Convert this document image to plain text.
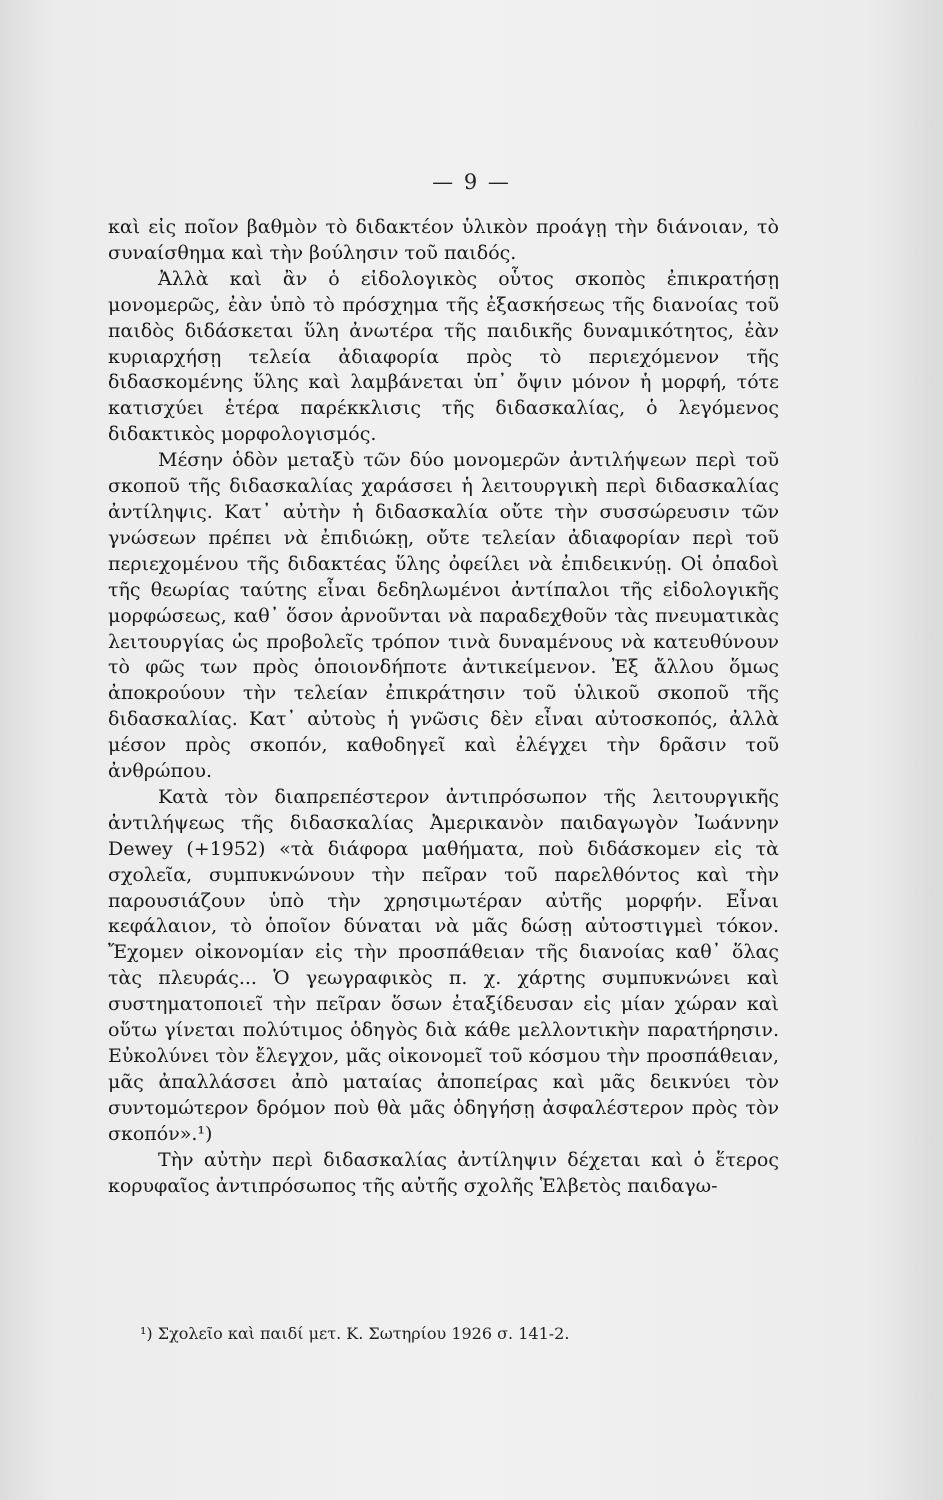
— 9 —

καὶ εἰς ποῖον βαθμὸν τὸ διδακτέον ὑλικὸν προάγῃ τὴν διάνοιαν, τὸ συναίσθημα καὶ τὴν βούλησιν τοῦ παιδός.

Ἀλλὰ καὶ ἂν ὁ εἰδολογικὸς οὗτος σκοπὸς ἐπικρατήσῃ μονομερῶς, ἐὰν ὑπὸ τὸ πρόσχημα τῆς ἐξασκήσεως τῆς διανοίας τοῦ παιδὸς διδάσκεται ὕλη ἀνωτέρα τῆς παιδικῆς δυναμικότητος, ἐὰν κυριαρχήσῃ τελεία ἀδιαφορία πρὸς τὸ περιεχόμενον τῆς διδασκομένης ὕλης καὶ λαμβάνεται ὑπ᾽ ὄψιν μόνον ἡ μορφή, τότε κατισχύει ἑτέρα παρέκκλισις τῆς διδασκαλίας, ὁ λεγόμενος διδακτικὸς μορφολογισμός.

Μέσην ὁδὸν μεταξὺ τῶν δύο μονομερῶν ἀντιλήψεων περὶ τοῦ σκοποῦ τῆς διδασκαλίας χαράσσει ἡ λειτουργικὴ περὶ διδασκαλίας ἀντίληψις. Κατ᾽ αὐτὴν ἡ διδασκαλία οὔτε τὴν συσσώρευσιν τῶν γνώσεων πρέπει νὰ ἐπιδιώκῃ, οὔτε τελείαν ἀδιαφορίαν περὶ τοῦ περιεχομένου τῆς διδακτέας ὕλης ὀφείλει νὰ ἐπιδεικνύῃ. Οἱ ὀπαδοὶ τῆς θεωρίας ταύτης εἶναι δεδηλωμένοι ἀντίπαλοι τῆς εἰδολογικῆς μορφώσεως, καθ᾽ ὅσον ἀρνοῦνται νὰ παραδεχθοῦν τὰς πνευματικὰς λειτουργίας ὡς προβολεῖς τρόπον τινὰ δυναμένους νὰ κατευθύνουν τὸ φῶς των πρὸς ὁποιονδήποτε ἀντικείμενον. Ἐξ ἄλλου ὅμως ἀποκρούουν τὴν τελείαν ἐπικράτησιν τοῦ ὑλικοῦ σκοποῦ τῆς διδασκαλίας. Κατ᾽ αὐτοὺς ἡ γνῶσις δὲν εἶναι αὐτοσκοπός, ἀλλὰ μέσον πρὸς σκοπόν, καθοδηγεῖ καὶ ἐλέγχει τὴν δρᾶσιν τοῦ ἀνθρώπου.

Κατὰ τὸν διαπρεπέστερον ἀντιπρόσωπον τῆς λειτουργικῆς ἀντιλήψεως τῆς διδασκαλίας Ἀμερικανὸν παιδαγωγὸν Ἰωάννην Dewey (+1952) «τὰ διάφορα μαθήματα, ποὺ διδάσκομεν εἰς τὰ σχολεῖα, συμπυκνώνουν τὴν πεῖραν τοῦ παρελθόντος καὶ τὴν παρουσιάζουν ὑπὸ τὴν χρησιμωτέραν αὐτῆς μορφήν. Εἶναι κεφάλαιον, τὸ ὁποῖον δύναται νὰ μᾶς δώσῃ αὐτοστιγμεὶ τόκον. Ἔχομεν οἰκονομίαν εἰς τὴν προσπάθειαν τῆς διανοίας καθ᾽ ὅλας τὰς πλευράς... Ὁ γεωγραφικὸς π. χ. χάρτης συμπυκνώνει καὶ συστηματοποιεῖ τὴν πεῖραν ὅσων ἐταξίδευσαν εἰς μίαν χώραν καὶ οὕτω γίνεται πολύτιμος ὁδηγὸς διὰ κάθε μελλοντικὴν παρατήρησιν. Εὐκολύνει τὸν ἔλεγχον, μᾶς οἰκονομεῖ τοῦ κόσμου τὴν προσπάθειαν, μᾶς ἀπαλλάσσει ἀπὸ ματαίας ἀποπείρας καὶ μᾶς δεικνύει τὸν συντομώτερον δρόμον ποὺ θὰ μᾶς ὁδηγήσῃ ἀσφαλέστερον πρὸς τὸν σκοπόν».¹)

Τὴν αὐτὴν περὶ διδασκαλίας ἀντίληψιν δέχεται καὶ ὁ ἕτερος κορυφαῖος ἀντιπρόσωπος τῆς αὐτῆς σχολῆς Ἑλβετὸς παιδαγω-

¹) Σχολεῖο καὶ παιδί μετ. Κ. Σωτηρίου 1926 σ. 141-2.
